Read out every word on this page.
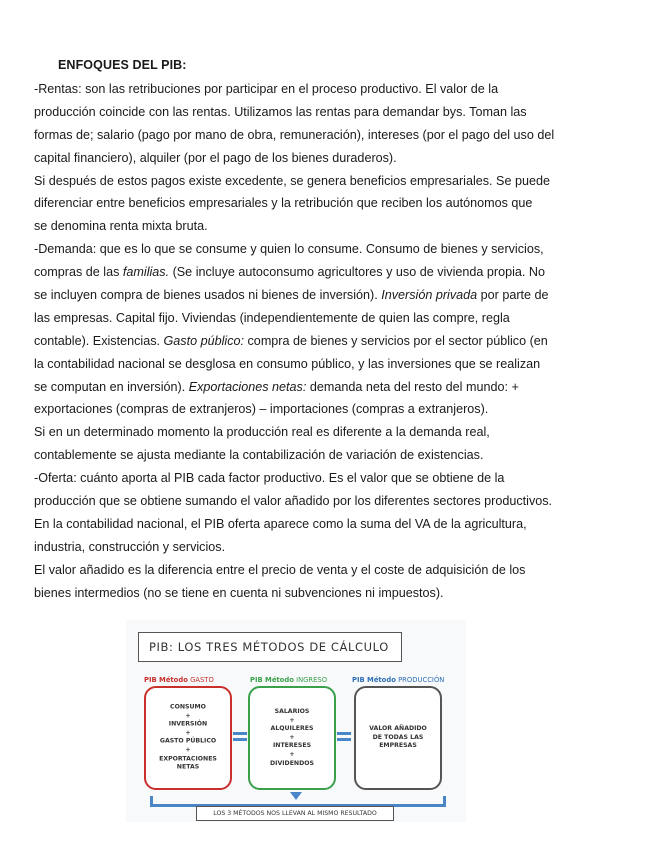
ENFOQUES DEL PIB:
-Rentas: son las retribuciones por participar en el proceso productivo. El valor de la
producción coincide con las rentas. Utilizamos las rentas para demandar bys. Toman las
formas de; salario (pago por mano de obra, remuneración), intereses (por el pago del uso del
capital financiero), alquiler (por el pago de los bienes duraderos).
Si después de estos pagos existe excedente, se genera beneficios empresariales. Se puede
diferenciar entre beneficios empresariales y la retribución que reciben los autónomos que
se denomina renta mixta bruta.
-Demanda: que es lo que se consume y quien lo consume. Consumo de bienes y servicios,
compras de las familias. (Se incluye autoconsumo agricultores y uso de vivienda propia. No
se incluyen compra de bienes usados ni bienes de inversión). Inversión privada por parte de
las empresas. Capital fijo. Viviendas (independientemente de quien las compre, regla
contable). Existencias. Gasto público: compra de bienes y servicios por el sector público (en
la contabilidad nacional se desglosa en consumo público, y las inversiones que se realizan
se computan en inversión). Exportaciones netas: demanda neta del resto del mundo: +
exportaciones (compras de extranjeros) – importaciones (compras a extranjeros).
Si en un determinado momento la producción real es diferente a la demanda real,
contablemente se ajusta mediante la contabilización de variación de existencias.
-Oferta: cuánto aporta al PIB cada factor productivo. Es el valor que se obtiene de la
producción que se obtiene sumando el valor añadido por los diferentes sectores productivos.
En la contabilidad nacional, el PIB oferta aparece como la suma del VA de la agricultura,
industria, construcción y servicios.
El valor añadido es la diferencia entre el precio de venta y el coste de adquisición de los
bienes intermedios (no se tiene en cuenta ni subvenciones ni impuestos).
PIB: LOS TRES MÉTODOS DE CÁLCULO
PIB Método GASTO	PIB Método INGRESO	PIB Método PRODUCCIÓN
CONSUMO
+
INVERSIÓN
+
GASTO PÚBLICO
+
EXPORTACIONES
NETAS
SALARIOS
+
ALQUILERES
+
INTERESES
+
DIVIDENDOS
VALOR AÑADIDO
DE TODAS LAS
EMPRESAS
LOS 3 MÉTODOS NOS LLEVAN AL MISMO RESULTADO
